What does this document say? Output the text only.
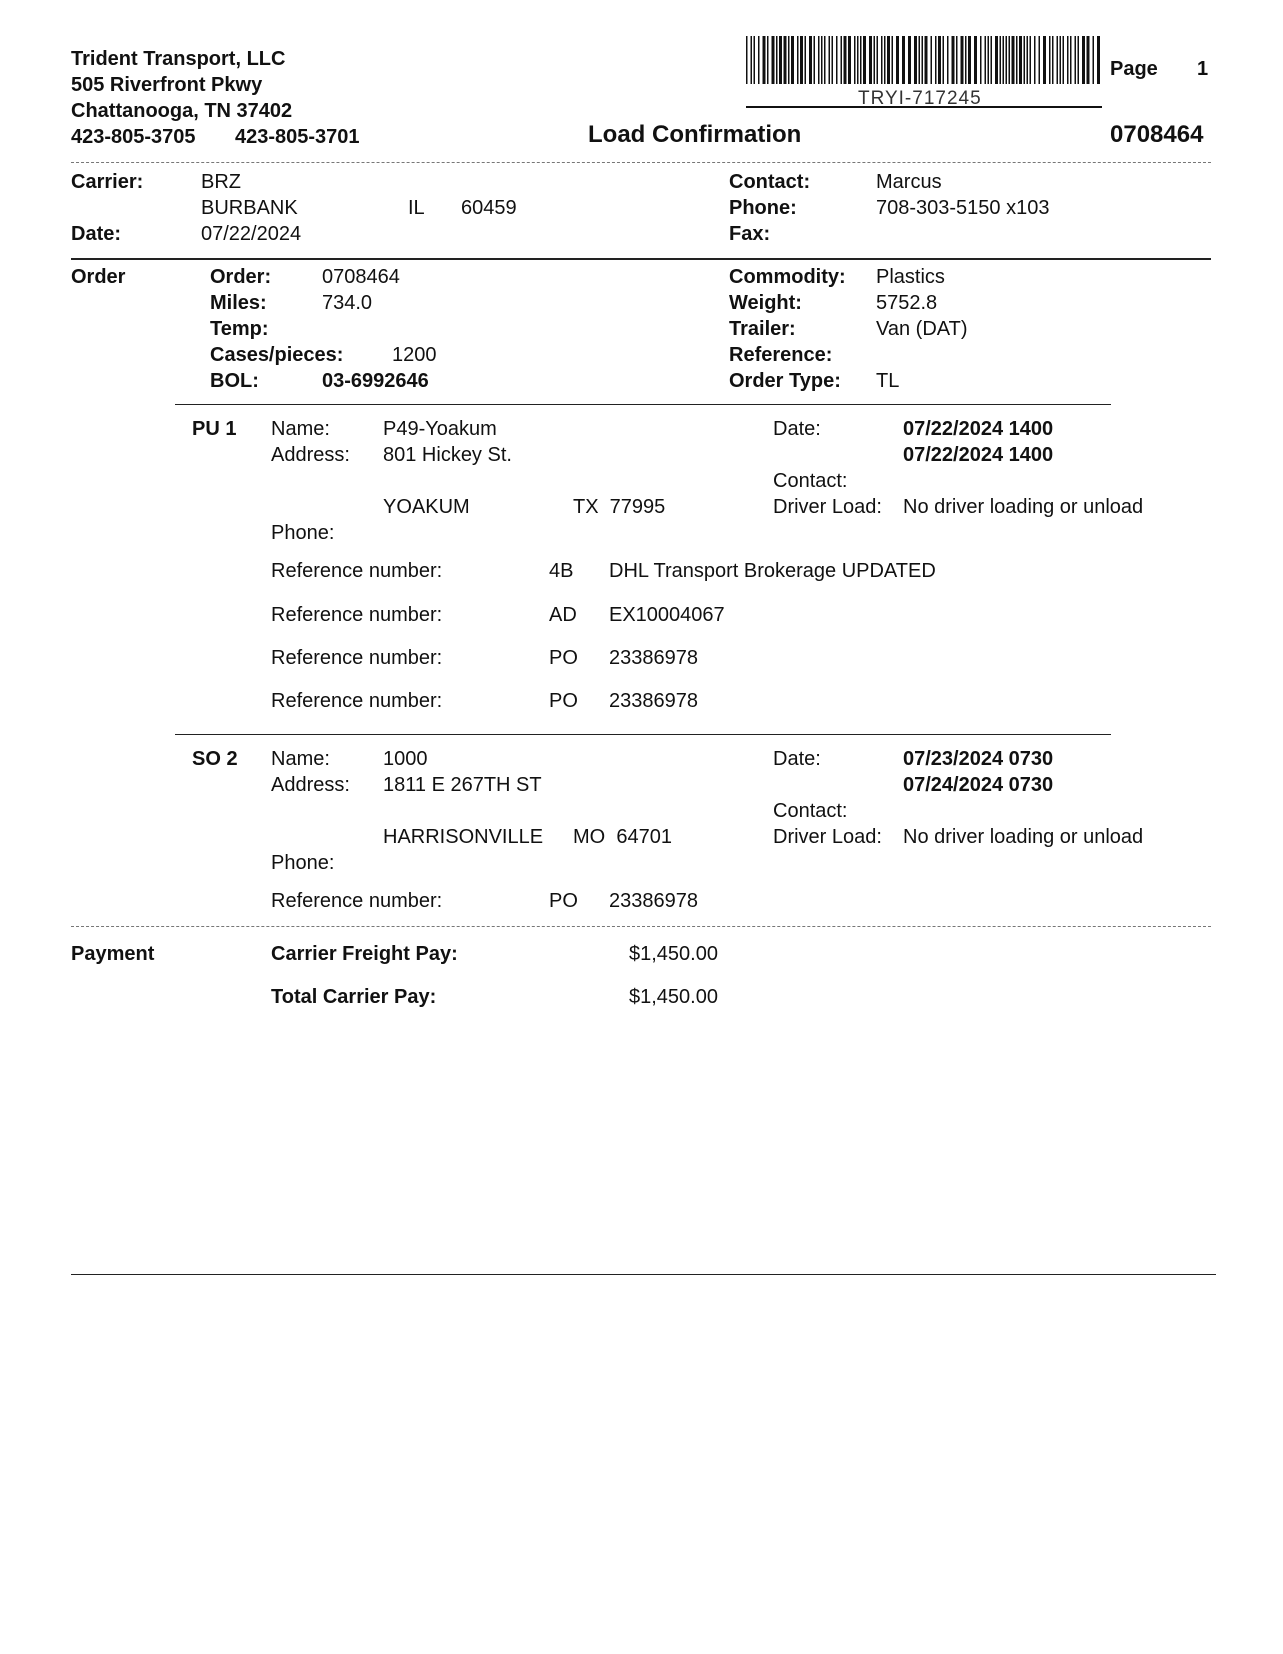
Trident Transport, LLC
505 Riverfront Pkwy
Chattanooga, TN 37402
423-805-3705 423-805-3701
TRYI-717245
Page 1
Load Confirmation	0708464
Carrier:	BRZ
BURBANK	IL 60459
Date:	07/22/2024
Contact:	Marcus
Phone:	708-303-5150 x103
Fax:
Order	Order:	0708464
Miles:	734.0
Temp:
Cases/pieces: 1200
BOL:	03-6992646
Commodity: Plastics
Weight:	5752.8
Trailer:	Van (DAT)
Reference:
Order Type: TL
PU 1 Name:	P49-Yoakum
Address: 801 Hickey St.
YOAKUM	TX  77995
Phone:
Date:	07/22/2024 1400
07/22/2024 1400
Contact:
Driver Load: No driver loading or unload
Reference number:	4B DHL Transport Brokerage UPDATED
Reference number:	AD EX10004067
Reference number:	PO 23386978
Reference number:	PO 23386978
SO 2 Name:	1000
Address: 1811 E 267TH ST
HARRISONVILLE MO  64701
Phone:
Date:	07/23/2024 0730
07/24/2024 0730
Contact:
Driver Load: No driver loading or unload
Reference number:	PO 23386978
Payment	Carrier Freight Pay:	$1,450.00
Total Carrier Pay:	$1,450.00
